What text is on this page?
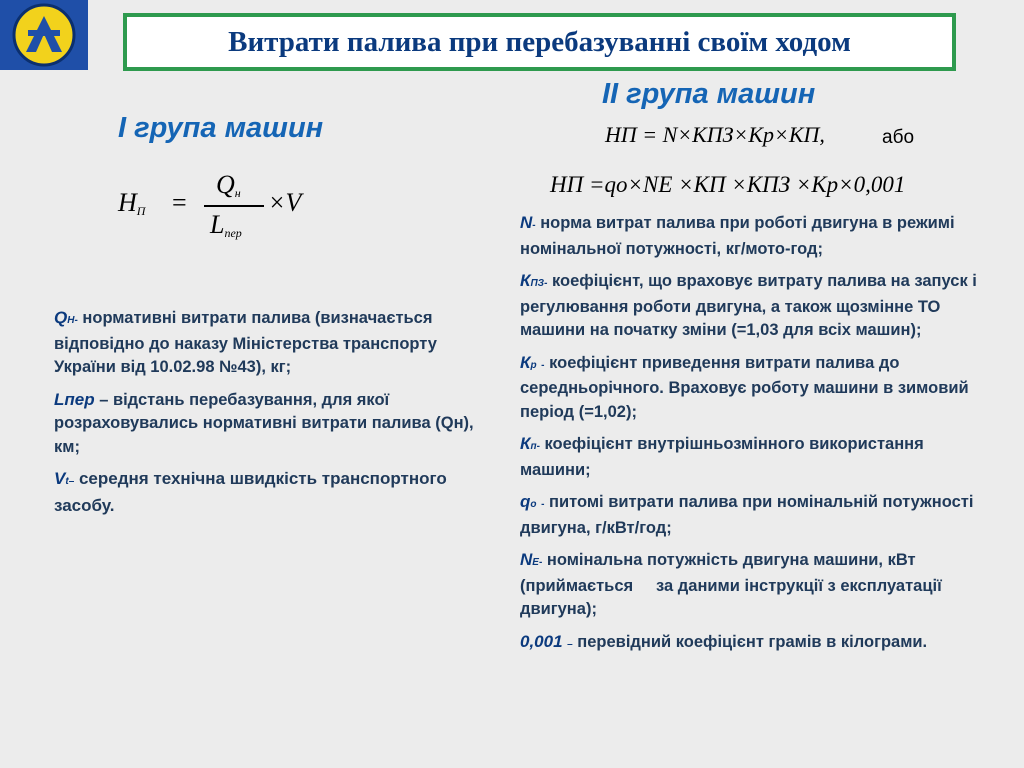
Витрати палива при перебазуванні своїм ходом
І група машин
$Н_П$ =
$Q_н$
$L_{пер}$
×V

QН- нормативні витрати палива (визначається відповідно до наказу Міністерства транспорту України від 10.02.98 №43), кг;

Lпер – відстань перебазування, для якої розраховувались нормативні витрати палива (Qн), км;

Vt– середня технічна швидкість транспортного засобу.

ІІ група машин
НП = N×КПЗ×Кр×КП,	або
НП =qо×NЕ ×КП ×КПЗ ×Кр×0,001

N- норма витрат палива при роботі двигуна в режимі номінальної потужності, кг/мото-год;

КПЗ- коефіцієнт, що враховує витрату палива на запуск і регулювання роботи двигуна, а також щозмінне ТО машини на початку зміни (=1,03 для всіх машин);

Кр - коефіцієнт приведення витрати палива до середньорічного. Враховує роботу машини в зимовий період (=1,02);

Кп- коефіцієнт внутрішньозмінного використання машини;

qо - питомі витрати палива при номінальній потужності двигуна, г/кВт/год;

NЕ- номінальна потужність двигуна машини, кВт (приймається     за даними інструкції з експлуатації двигуна);

0,001 – перевідний коефіцієнт грамів в кілограми.
